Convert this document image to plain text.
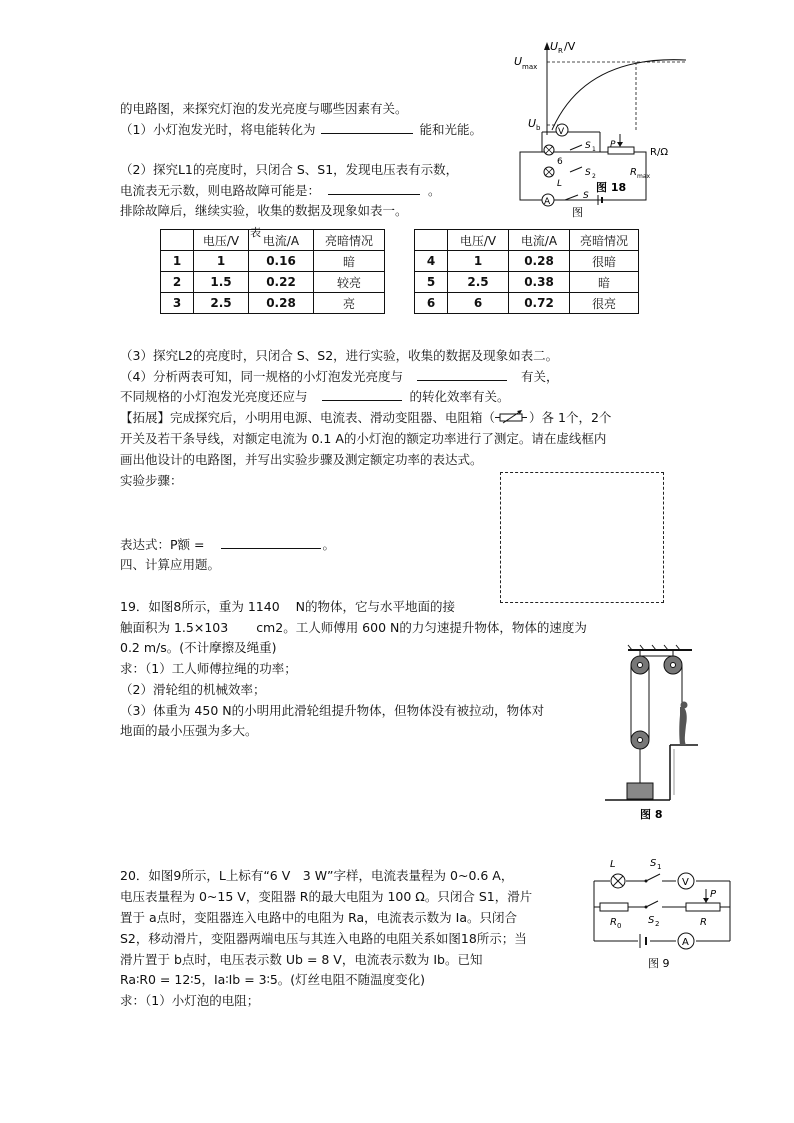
U R /V
U max
U b V
6
L
S 1
S 2
P
R/Ω
R max
A
S
图 18
图
的电路图，来探究灯泡的发光亮度与哪些因素有关。
（1）小灯泡发光时，将电能转化为	能和光能。
（2）探究L1的亮度时，只闭合 S、S1，发现电压表有示数，
电流表无示数，则电路故障可能是：	。
排除故障后，继续实验，收集的数据及现象如表一。
表
	电压/V	电流/A	亮暗情况
1	1	0.16	暗
2	1.5	0.22	较亮
3	2.5	0.28	亮
	电压/V	电流/A	亮暗情况
4	1	0.28	很暗
5	2.5	0.38	暗
6	6	0.72	很亮
（3）探究L2的亮度时，只闭合 S、S2，进行实验，收集的数据及现象如表二。
（4）分析两表可知，同一规格的小灯泡发光亮度与	有关，
不同规格的小灯泡发光亮度还应与	的转化效率有关。
【拓展】完成探究后，小明用电源、电流表、滑动变阻器、电阻箱（	）各 1个，2个
开关及若干条导线，对额定电流为 0.1 A的小灯泡的额定功率进行了测定。请在虚线框内
画出他设计的电路图，并写出实验步骤及测定额定功率的表达式。
实验步骤：
表达式：P额 =	。
四、计算应用题。
19．如图8所示，重为 1140 N的物体，它与水平地面的接
触面积为 1.5×103 cm2。工人师傅用 600 N的力匀速提升物体，物体的速度为
0.2 m/s。(不计摩擦及绳重)
求：（1）工人师傅拉绳的功率；
（2）滑轮组的机械效率；
（3）体重为 450 N的小明用此滑轮组提升物体，但物体没有被拉动，物体对
地面的最小压强为多大。
图 8
20．如图9所示，L上标有“6 V　3 W”字样，电流表量程为 0~0.6 A，
电压表量程为 0~15 V，变阻器 R的最大电阻为 100 Ω。只闭合 S1，滑片
置于 a点时，变阻器连入电路中的电阻为 Ra，电流表示数为 Ia。只闭合
S2，移动滑片，变阻器两端电压与其连入电路的电阻关系如图18所示；当
滑片置于 b点时，电压表示数 Ub = 8 V，电流表示数为 Ib。已知
Ra∶R0 = 12∶5，Ia∶Ib = 3∶5。(灯丝电阻不随温度变化)
求：（1）小灯泡的电阻；
L	S 1
V
P
R 0	S 2	R
A
图 9
